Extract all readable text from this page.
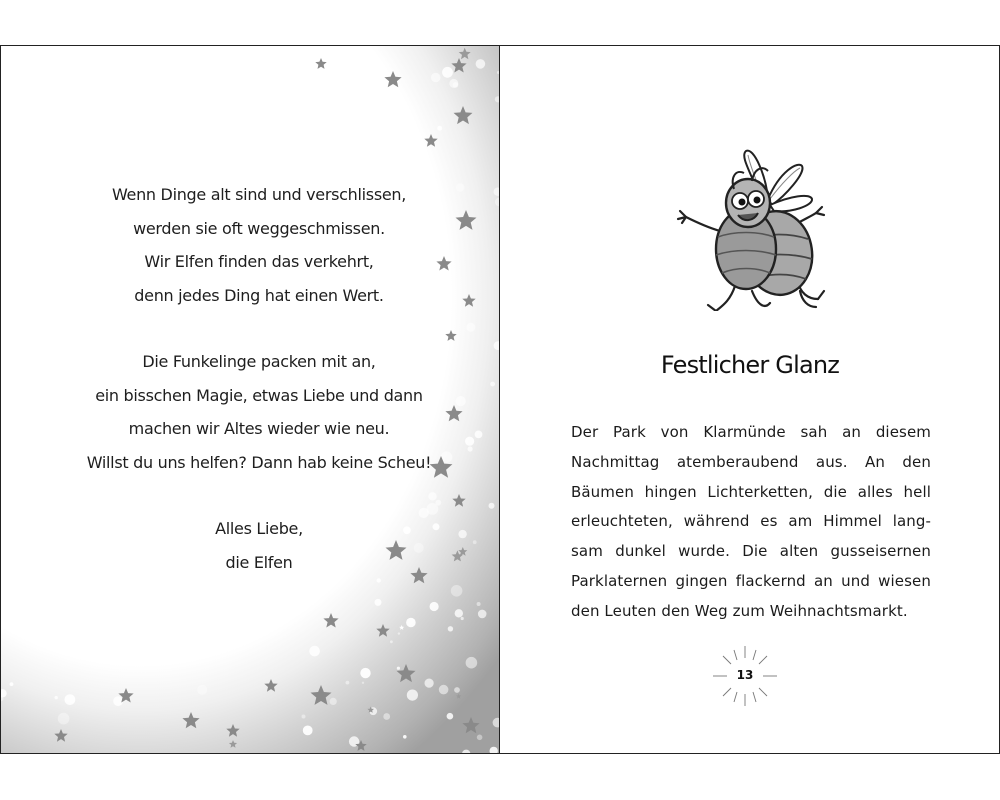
Wenn Dinge alt sind und verschlissen,
werden sie oft weggeschmissen.
Wir Elfen finden das verkehrt,
denn jedes Ding hat einen Wert.
Die Funkelinge packen mit an,
ein bisschen Magie, etwas Liebe und dann
machen wir Altes wieder wie neu.
Willst du uns helfen? Dann hab keine Scheu!
Alles Liebe,
die Elfen
Festlicher Glanz
Der Park von Klarmünde sah an diesem
Nachmittag atemberaubend aus. An den
Bäumen hingen Lichterketten, die alles hell
erleuchteten, während es am Himmel lang-
sam dunkel wurde. Die alten gusseisernen
Parklaternen gingen flackernd an und wiesen
den Leuten den Weg zum Weihnachtsmarkt.
13
